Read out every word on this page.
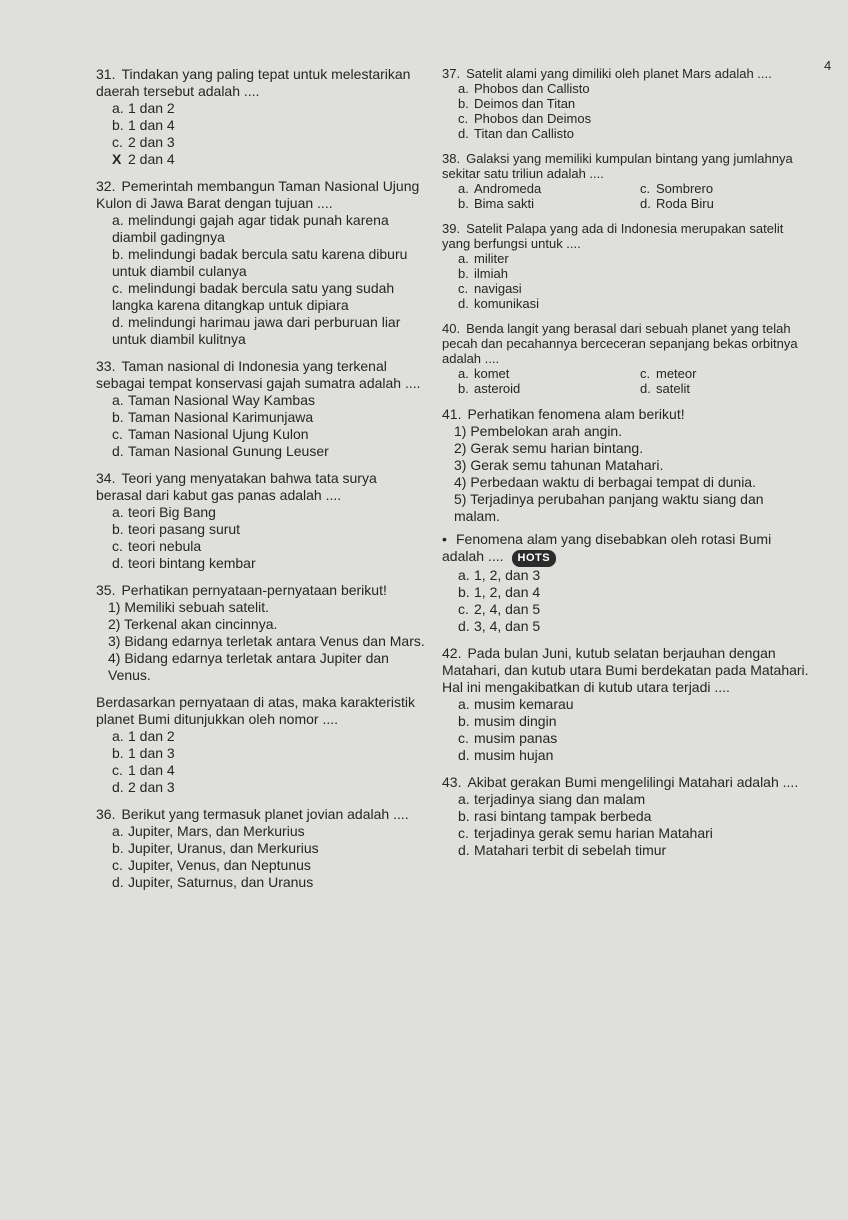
4
31. Tindakan yang paling tepat untuk melestarikan daerah tersebut adalah ....
a. 1 dan 2
b. 1 dan 4
c. 2 dan 3
X 2 dan 4
32. Pemerintah membangun Taman Nasional Ujung Kulon di Jawa Barat dengan tujuan ....
a. melindungi gajah agar tidak punah karena diambil gadingnya
b. melindungi badak bercula satu karena diburu untuk diambil culanya
c. melindungi badak bercula satu yang sudah langka karena ditangkap untuk dipiara
d. melindungi harimau jawa dari perburuan liar untuk diambil kulitnya
33. Taman nasional di Indonesia yang terkenal sebagai tempat konservasi gajah sumatra adalah ....
a. Taman Nasional Way Kambas
b. Taman Nasional Karimunjawa
c. Taman Nasional Ujung Kulon
d. Taman Nasional Gunung Leuser
34. Teori yang menyatakan bahwa tata surya berasal dari kabut gas panas adalah ....
a. teori Big Bang
b. teori pasang surut
c. teori nebula
d. teori bintang kembar
35. Perhatikan pernyataan-pernyataan berikut!
1) Memiliki sebuah satelit.
2) Terkenal akan cincinnya.
3) Bidang edarnya terletak antara Venus dan Mars.
4) Bidang edarnya terletak antara Jupiter dan Venus.
Berdasarkan pernyataan di atas, maka karakteristik planet Bumi ditunjukkan oleh nomor ....
a. 1 dan 2
b. 1 dan 3
c. 1 dan 4
d. 2 dan 3
36. Berikut yang termasuk planet jovian adalah ....
a. Jupiter, Mars, dan Merkurius
b. Jupiter, Uranus, dan Merkurius
c. Jupiter, Venus, dan Neptunus
d. Jupiter, Saturnus, dan Uranus
37. Satelit alami yang dimiliki oleh planet Mars adalah ....
a. Phobos dan Callisto
b. Deimos dan Titan
c. Phobos dan Deimos
d. Titan dan Callisto
38. Galaksi yang memiliki kumpulan bintang yang jumlahnya sekitar satu triliun adalah ....
a. Andromeda	c. Sombrero
b. Bima sakti	d. Roda Biru
39. Satelit Palapa yang ada di Indonesia merupakan satelit yang berfungsi untuk ....
a. militer
b. ilmiah
c. navigasi
d. komunikasi
40. Benda langit yang berasal dari sebuah planet yang telah pecah dan pecahannya berceceran sepanjang bekas orbitnya adalah ....
a. komet	c. meteor
b. asteroid	d. satelit
41. Perhatikan fenomena alam berikut!
1) Pembelokan arah angin.
2) Gerak semu harian bintang.
3) Gerak semu tahunan Matahari.
4) Perbedaan waktu di berbagai tempat di dunia.
5) Terjadinya perubahan panjang waktu siang dan malam.
• Fenomena alam yang disebabkan oleh rotasi Bumi adalah .... HOTS
a. 1, 2, dan 3
b. 1, 2, dan 4
c. 2, 4, dan 5
d. 3, 4, dan 5
42. Pada bulan Juni, kutub selatan berjauhan dengan Matahari, dan kutub utara Bumi berdekatan pada Matahari. Hal ini mengakibatkan di kutub utara terjadi ....
a. musim kemarau
b. musim dingin
c. musim panas
d. musim hujan
43. Akibat gerakan Bumi mengelilingi Matahari adalah ....
a. terjadinya siang dan malam
b. rasi bintang tampak berbeda
c. terjadinya gerak semu harian Matahari
d. Matahari terbit di sebelah timur
